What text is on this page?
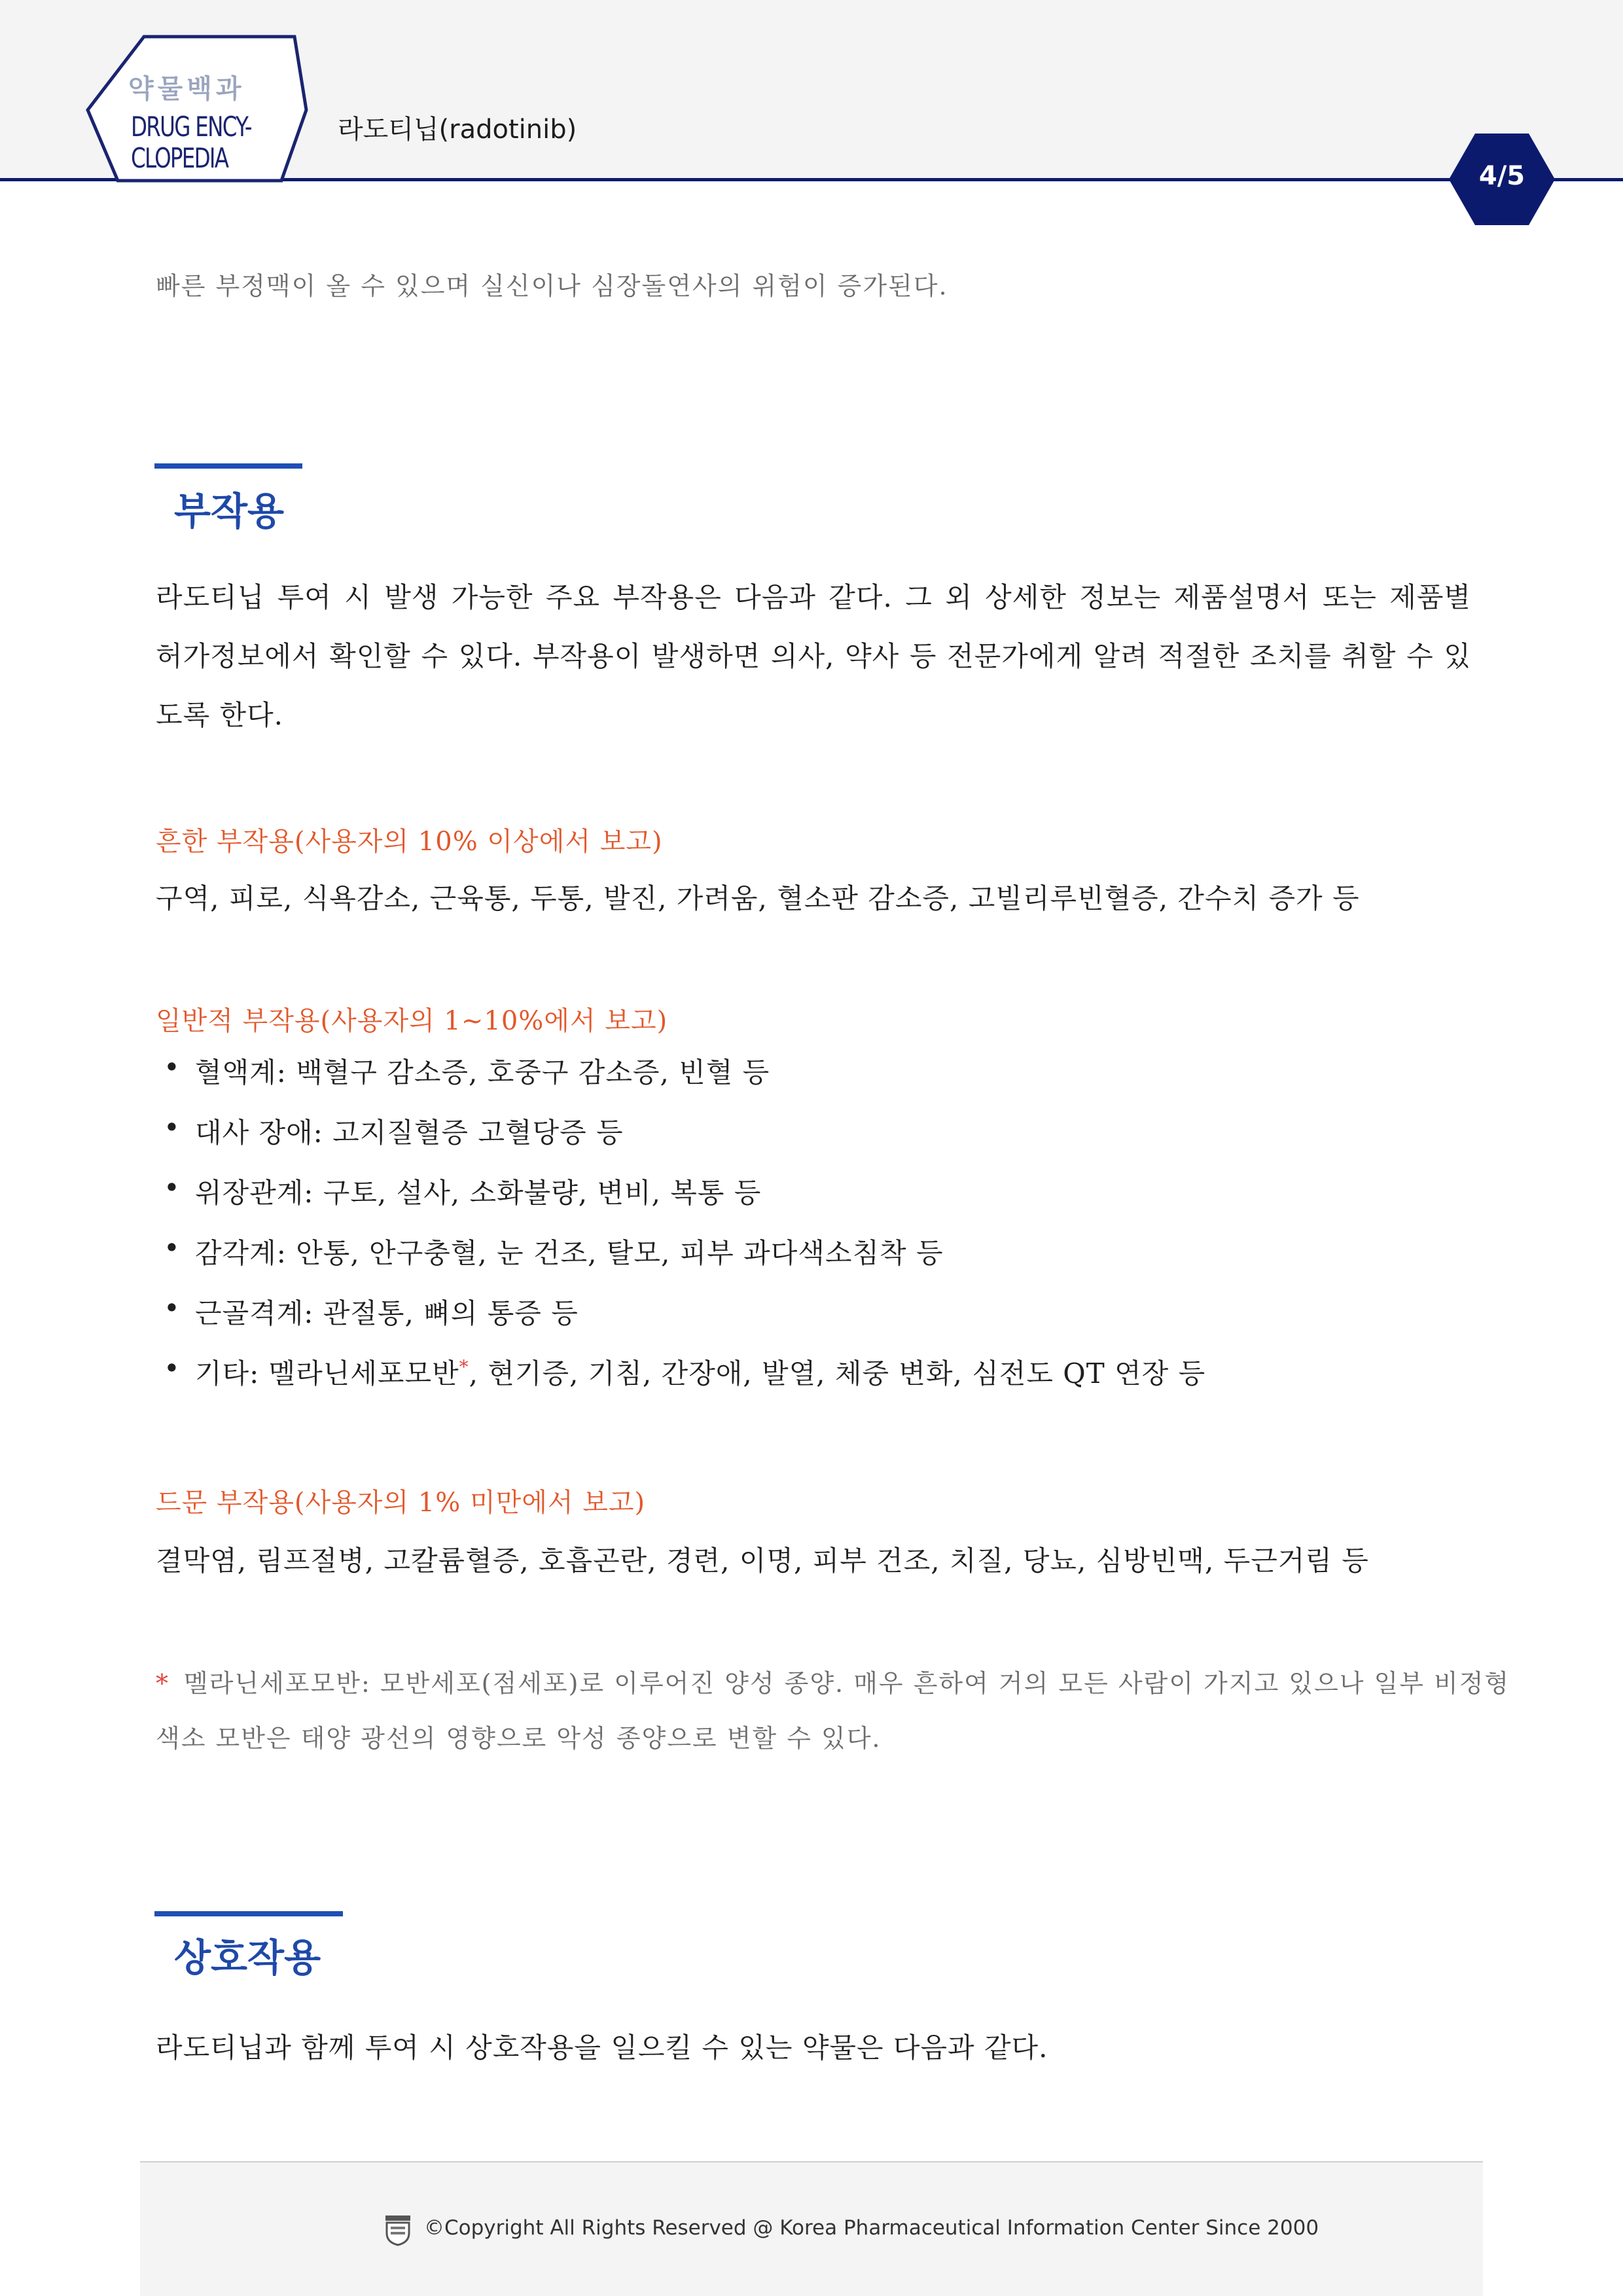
약물백과
DRUG ENCY-
CLOPEDIA
라도티닙(radotinib)
4/5
빠른 부정맥이 올 수 있으며 실신이나 심장돌연사의 위험이 증가된다.
부작용
라도티닙 투여 시 발생 가능한 주요 부작용은 다음과 같다. 그 외 상세한 정보는 제품설명서 또는 제품별
허가정보에서 확인할 수 있다. 부작용이 발생하면 의사, 약사 등 전문가에게 알려 적절한 조치를 취할 수 있
도록 한다.
흔한 부작용(사용자의 10% 이상에서 보고)
구역, 피로, 식욕감소, 근육통, 두통, 발진, 가려움, 혈소판 감소증, 고빌리루빈혈증, 간수치 증가 등
일반적 부작용(사용자의 1~10%에서 보고)
• 혈액계: 백혈구 감소증, 호중구 감소증, 빈혈 등
• 대사 장애: 고지질혈증 고혈당증 등
• 위장관계: 구토, 설사, 소화불량, 변비, 복통 등
• 감각계: 안통, 안구충혈, 눈 건조, 탈모, 피부 과다색소침착 등
• 근골격계: 관절통, 뼈의 통증 등
• 기타: 멜라닌세포모반*, 현기증, 기침, 간장애, 발열, 체중 변화, 심전도 QT 연장 등
드문 부작용(사용자의 1% 미만에서 보고)
결막염, 림프절병, 고칼륨혈증, 호흡곤란, 경련, 이명, 피부 건조, 치질, 당뇨, 심방빈맥, 두근거림 등
* 멜라닌세포모반: 모반세포(점세포)로 이루어진 양성 종양. 매우 흔하여 거의 모든 사람이 가지고 있으나 일부 비정형
색소 모반은 태양 광선의 영향으로 악성 종양으로 변할 수 있다.
상호작용
라도티닙과 함께 투여 시 상호작용을 일으킬 수 있는 약물은 다음과 같다.
©Copyright All Rights Reserved @ Korea Pharmaceutical Information Center Since 2000
